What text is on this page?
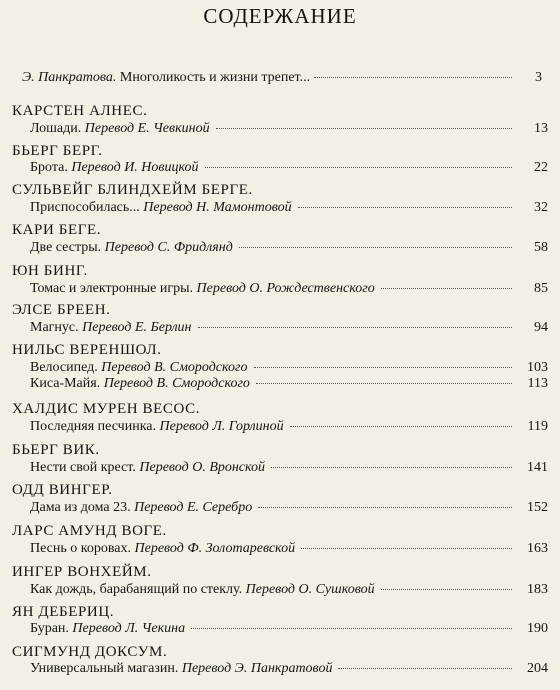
СОДЕРЖАНИЕ
Э. Панкратова. Многоликость и жизни трепет...	3
КАРСТЕН АЛНЕС.
Лошади. Перевод Е. Чевкиной	13
БЬЕРГ БЕРГ.
Брота. Перевод И. Новицкой	22
СУЛЬВЕЙГ БЛИНДХЕЙМ БЕРГЕ.
Приспособилась... Перевод Н. Мамонтовой	32
КАРИ БЕГЕ.
Две сестры. Перевод С. Фридлянд	58
ЮН БИНГ.
Томас и электронные игры. Перевод О. Рождественского	85
ЭЛСЕ БРЕЕН.
Магнус. Перевод Е. Берлин	94
НИЛЬС ВЕРЕНШОЛ.
Велосипед. Перевод В. Смородского	103
Киса-Майя. Перевод В. Смородского	113
ХАЛДИС МУРЕН ВЕСОС.
Последняя песчинка. Перевод Л. Горлиной	119
БЬЕРГ ВИК.
Нести свой крест. Перевод О. Вронской	141
ОДД ВИНГЕР.
Дама из дома 23. Перевод Е. Серебро	152
ЛАРС АМУНД ВОГЕ.
Песнь о коровах. Перевод Ф. Золотаревской	163
ИНГЕР ВОНХЕЙМ.
Как дождь, барабанящий по стеклу. Перевод О. Сушковой	183
ЯН ДЕБЕРИЦ.
Буран. Перевод Л. Чекина	190
СИГМУНД ДОКСУМ.
Универсальный магазин. Перевод Э. Панкратовой	204
